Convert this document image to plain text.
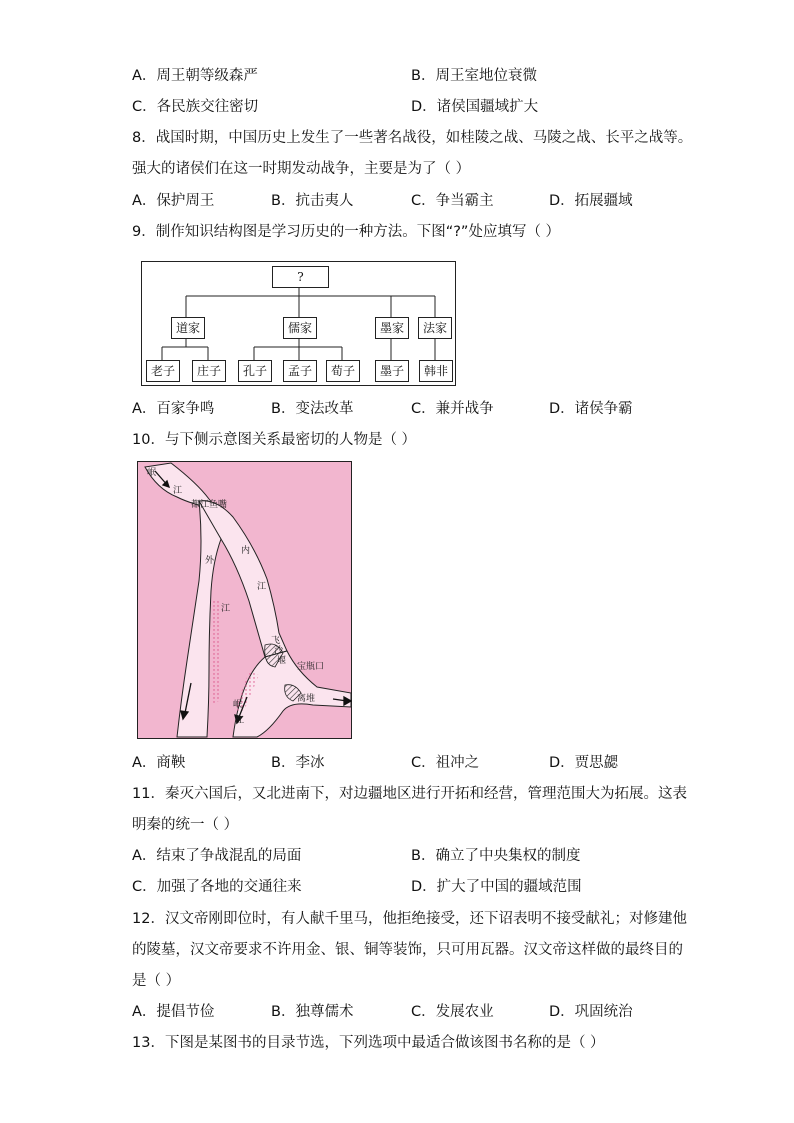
A．周王朝等级森严	B．周王室地位衰微
C．各民族交往密切	D．诸侯国疆域扩大
8．战国时期，中国历史上发生了一些著名战役，如桂陵之战、马陵之战、长平之战等。
强大的诸侯们在这一时期发动战争，主要是为了（ ）
A．保护周王	B．抗击夷人	C．争当霸主	D．拓展疆域
9．制作知识结构图是学习历史的一种方法。下图“?”处应填写（ ）
?
道家	儒家	墨家	法家
老子	庄子	孔子	孟子	荀子	墨子	韩非
A．百家争鸣	B．变法改革	C．兼并战争	D．诸侯争霸
10．与下侧示意图关系最密切的人物是（ ）
岷
江
都江鱼嘴
外
江
内
江
飞
沙
堰
宝瓶口
离堆
岷
江
A．商鞅	B．李冰	C．祖冲之	D．贾思勰
11．秦灭六国后，又北进南下，对边疆地区进行开拓和经营，管理范围大为拓展。这表
明秦的统一（ ）
A．结束了争战混乱的局面	B．确立了中央集权的制度
C．加强了各地的交通往来	D．扩大了中国的疆域范围
12．汉文帝刚即位时，有人献千里马，他拒绝接受，还下诏表明不接受献礼；对修建他
的陵墓，汉文帝要求不许用金、银、铜等装饰，只可用瓦器。汉文帝这样做的最终目的
是（ ）
A．提倡节俭	B．独尊儒术	C．发展农业	D．巩固统治
13．下图是某图书的目录节选，下列选项中最适合做该图书名称的是（ ）
